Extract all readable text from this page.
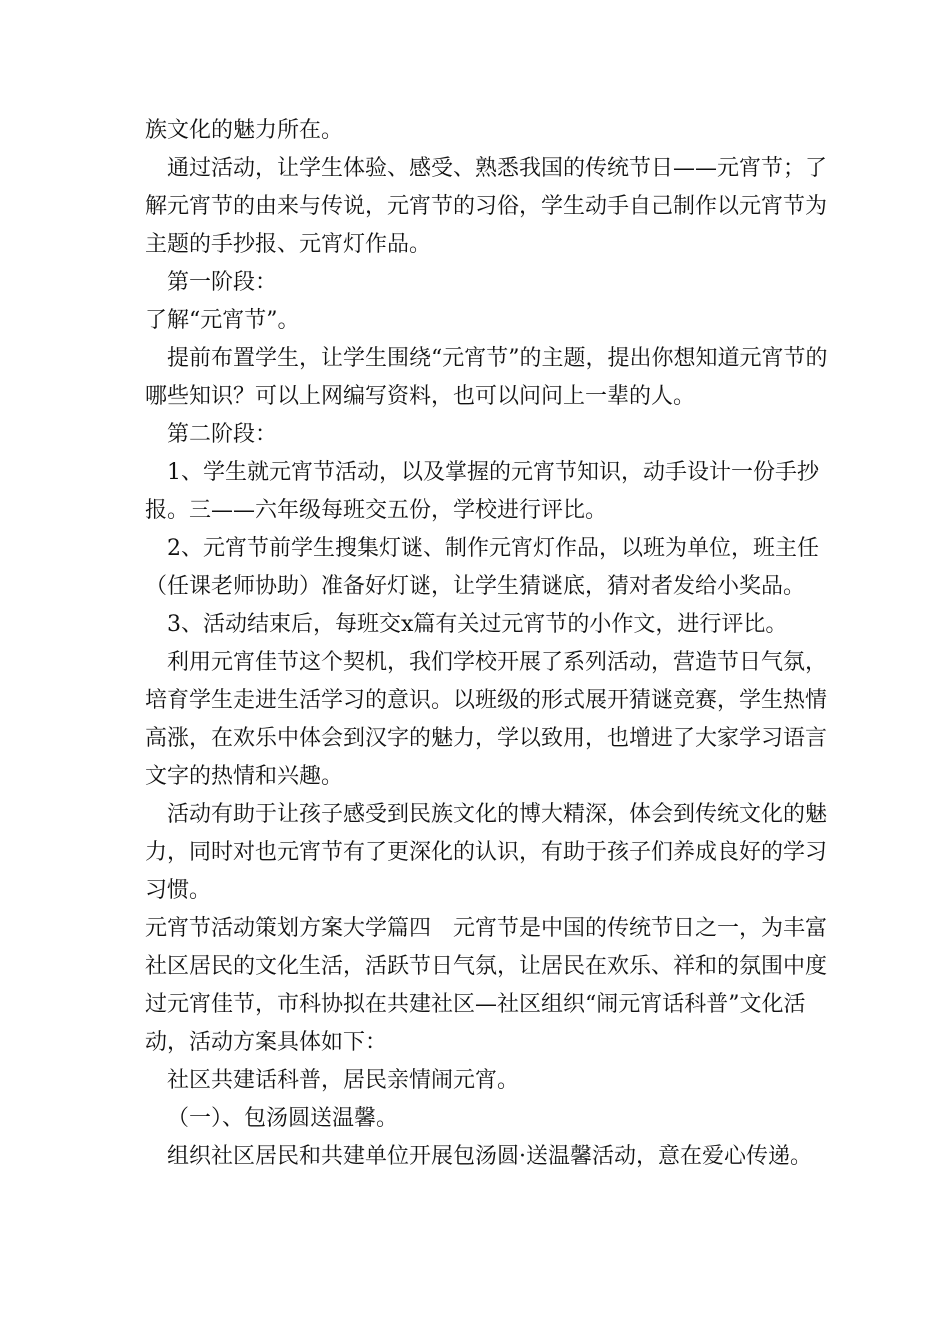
族文化的魅力所在。

通过活动，让学生体验、感受、熟悉我国的传统节日——元宵节；了解元宵节的由来与传说，元宵节的习俗，学生动手自己制作以元宵节为主题的手抄报、元宵灯作品。

第一阶段：

了解“元宵节”。

提前布置学生，让学生围绕“元宵节”的主题，提出你想知道元宵节的哪些知识？可以上网编写资料，也可以问问上一辈的人。

第二阶段：

1、学生就元宵节活动，以及掌握的元宵节知识，动手设计一份手抄报。三——六年级每班交五份，学校进行评比。

2、元宵节前学生搜集灯谜、制作元宵灯作品，以班为单位，班主任（任课老师协助）准备好灯谜，让学生猜谜底，猜对者发给小奖品。

3、活动结束后，每班交x篇有关过元宵节的小作文，进行评比。

利用元宵佳节这个契机，我们学校开展了系列活动，营造节日气氛，培育学生走进生活学习的意识。以班级的形式展开猜谜竞赛，学生热情高涨，在欢乐中体会到汉字的魅力，学以致用，也增进了大家学习语言文字的热情和兴趣。

活动有助于让孩子感受到民族文化的博大精深，体会到传统文化的魅力，同时对也元宵节有了更深化的认识，有助于孩子们养成良好的学习习惯。

元宵节活动策划方案大学篇四　元宵节是中国的传统节日之一，为丰富社区居民的文化生活，活跃节日气氛，让居民在欢乐、祥和的氛围中度过元宵佳节，市科协拟在共建社区—社区组织“闹元宵话科普”文化活动，活动方案具体如下：

社区共建话科普，居民亲情闹元宵。

（一）、包汤圆送温馨。

组织社区居民和共建单位开展包汤圆·送温馨活动，意在爱心传递。
